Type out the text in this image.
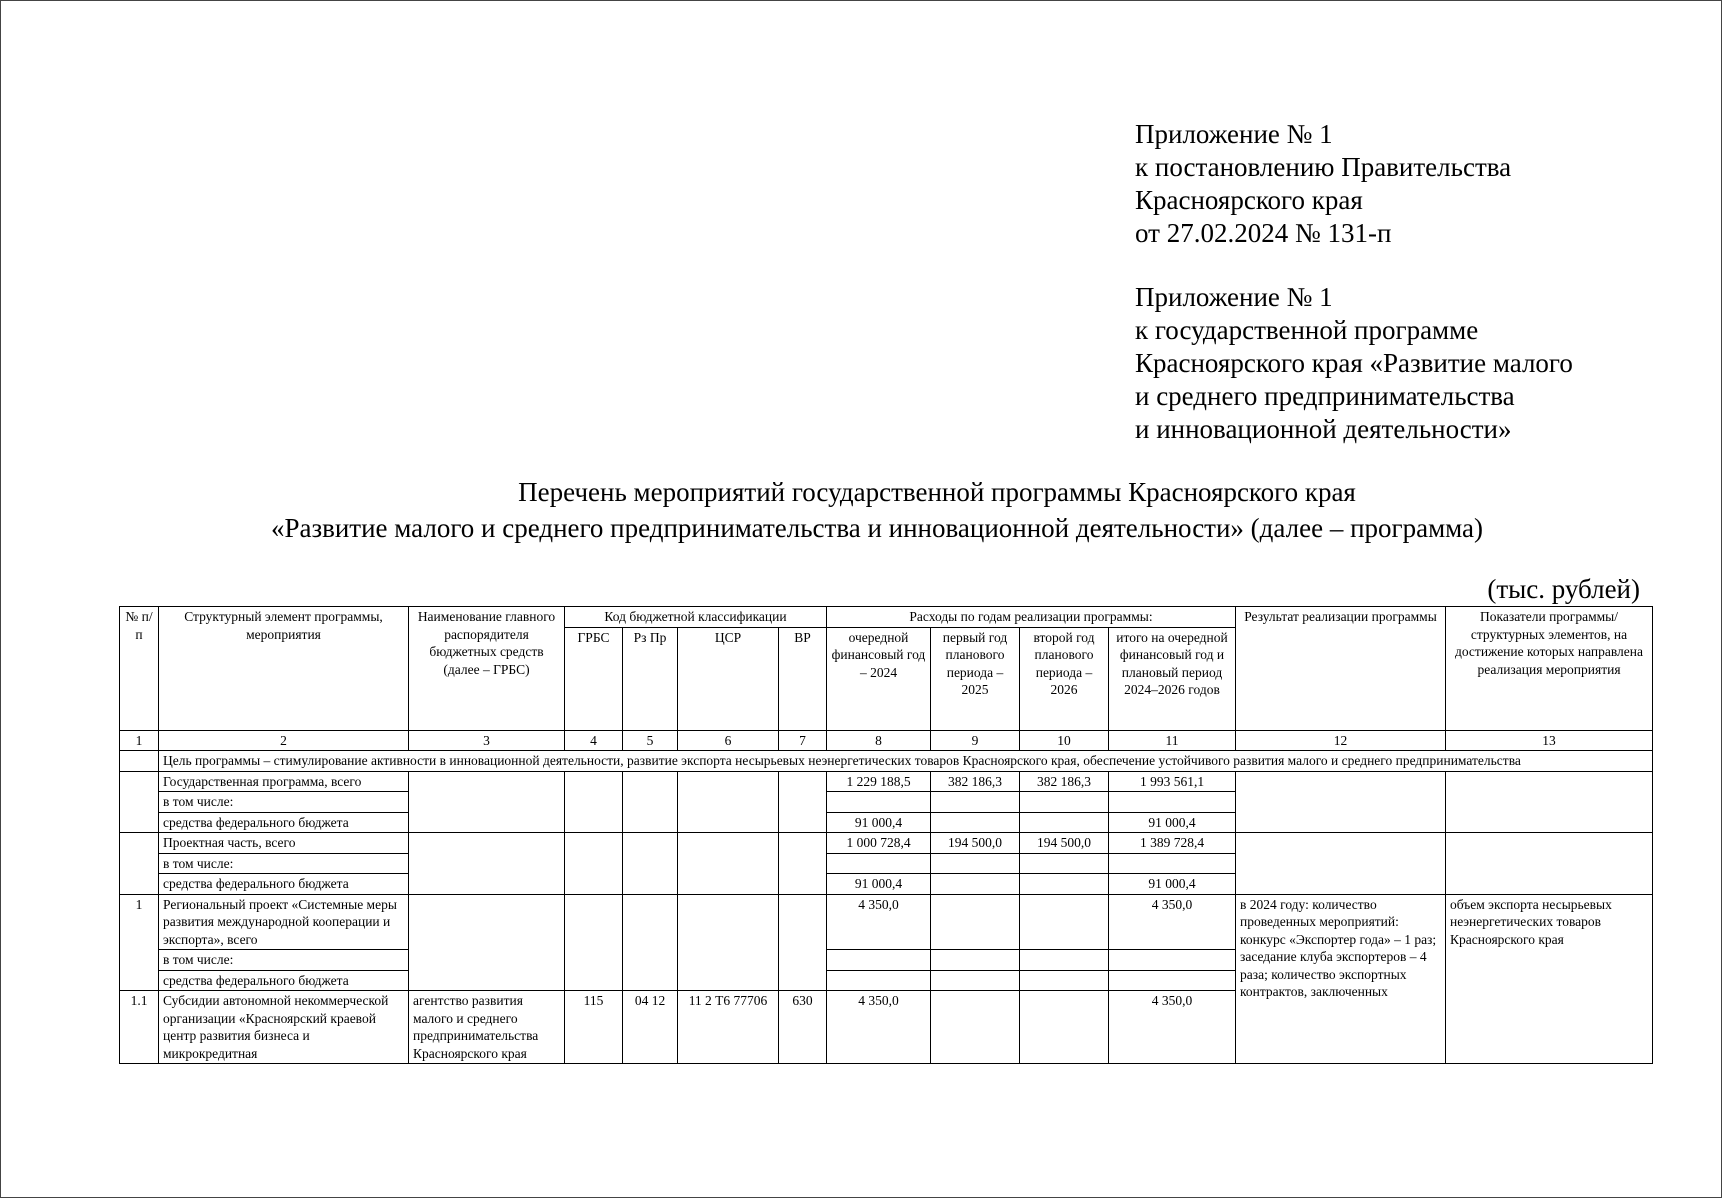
Приложение № 1
к постановлению Правительства
Красноярского края
от 27.02.2024 № 131-п
Приложение № 1
к государственной программе
Красноярского края «Развитие малого
и среднего предпринимательства
и инновационной деятельности»
Перечень мероприятий государственной программы Красноярского края
«Развитие малого и среднего предпринимательства и инновационной деятельности» (далее – программа)
(тыс. рублей)
№ п/п	Структурный элемент программы, мероприятия	Наименование главного распорядителя бюджетных средств (далее – ГРБС)	Код бюджетной классификации				Расходы по годам реализации программы:				Результат реализации программы	Показатели программы/структурных элементов, на достижение которых направлена реализация мероприятия
			ГРБС	Рз Пр	ЦСР	ВР	очередной финансовый год – 2024	первый год планового периода – 2025	второй год планового периода – 2026	итого на очередной финансовый год и плановый период 2024–2026 годов		
1	2	3	4	5	6	7	8	9	10	11	12	13
	Цель программы – стимулирование активности в инновационной деятельности, развитие экспорта несырьевых неэнергетических товаров Красноярского края, обеспечение устойчивого развития малого и среднего предпринимательства											
	Государственная программа, всего						1 229 188,5	382 186,3	382 186,3	1 993 561,1		
	в том числе:											
	средства федерального бюджета						91 000,4			91 000,4		
	Проектная часть, всего						1 000 728,4	194 500,0	194 500,0	1 389 728,4		
	в том числе:											
	средства федерального бюджета						91 000,4			91 000,4		
1	Региональный проект «Системные меры развития международной кооперации и экспорта», всего						4 350,0			4 350,0	в 2024 году: количество проведенных мероприятий: конкурс «Экспортер года» – 1 раз; заседание клуба экспортеров – 4 раза; количество экспортных контрактов, заключенных	объем экспорта несырьевых неэнергетических товаров Красноярского края
	в том числе:											
	средства федерального бюджета											
1.1	Субсидии автономной некоммерческой организации «Красноярский краевой центр развития бизнеса и микрокредитная	агентство развития малого и среднего предпринимательства Красноярского края	115	04 12	11 2 Т6 77706	630	4 350,0			4 350,0		
